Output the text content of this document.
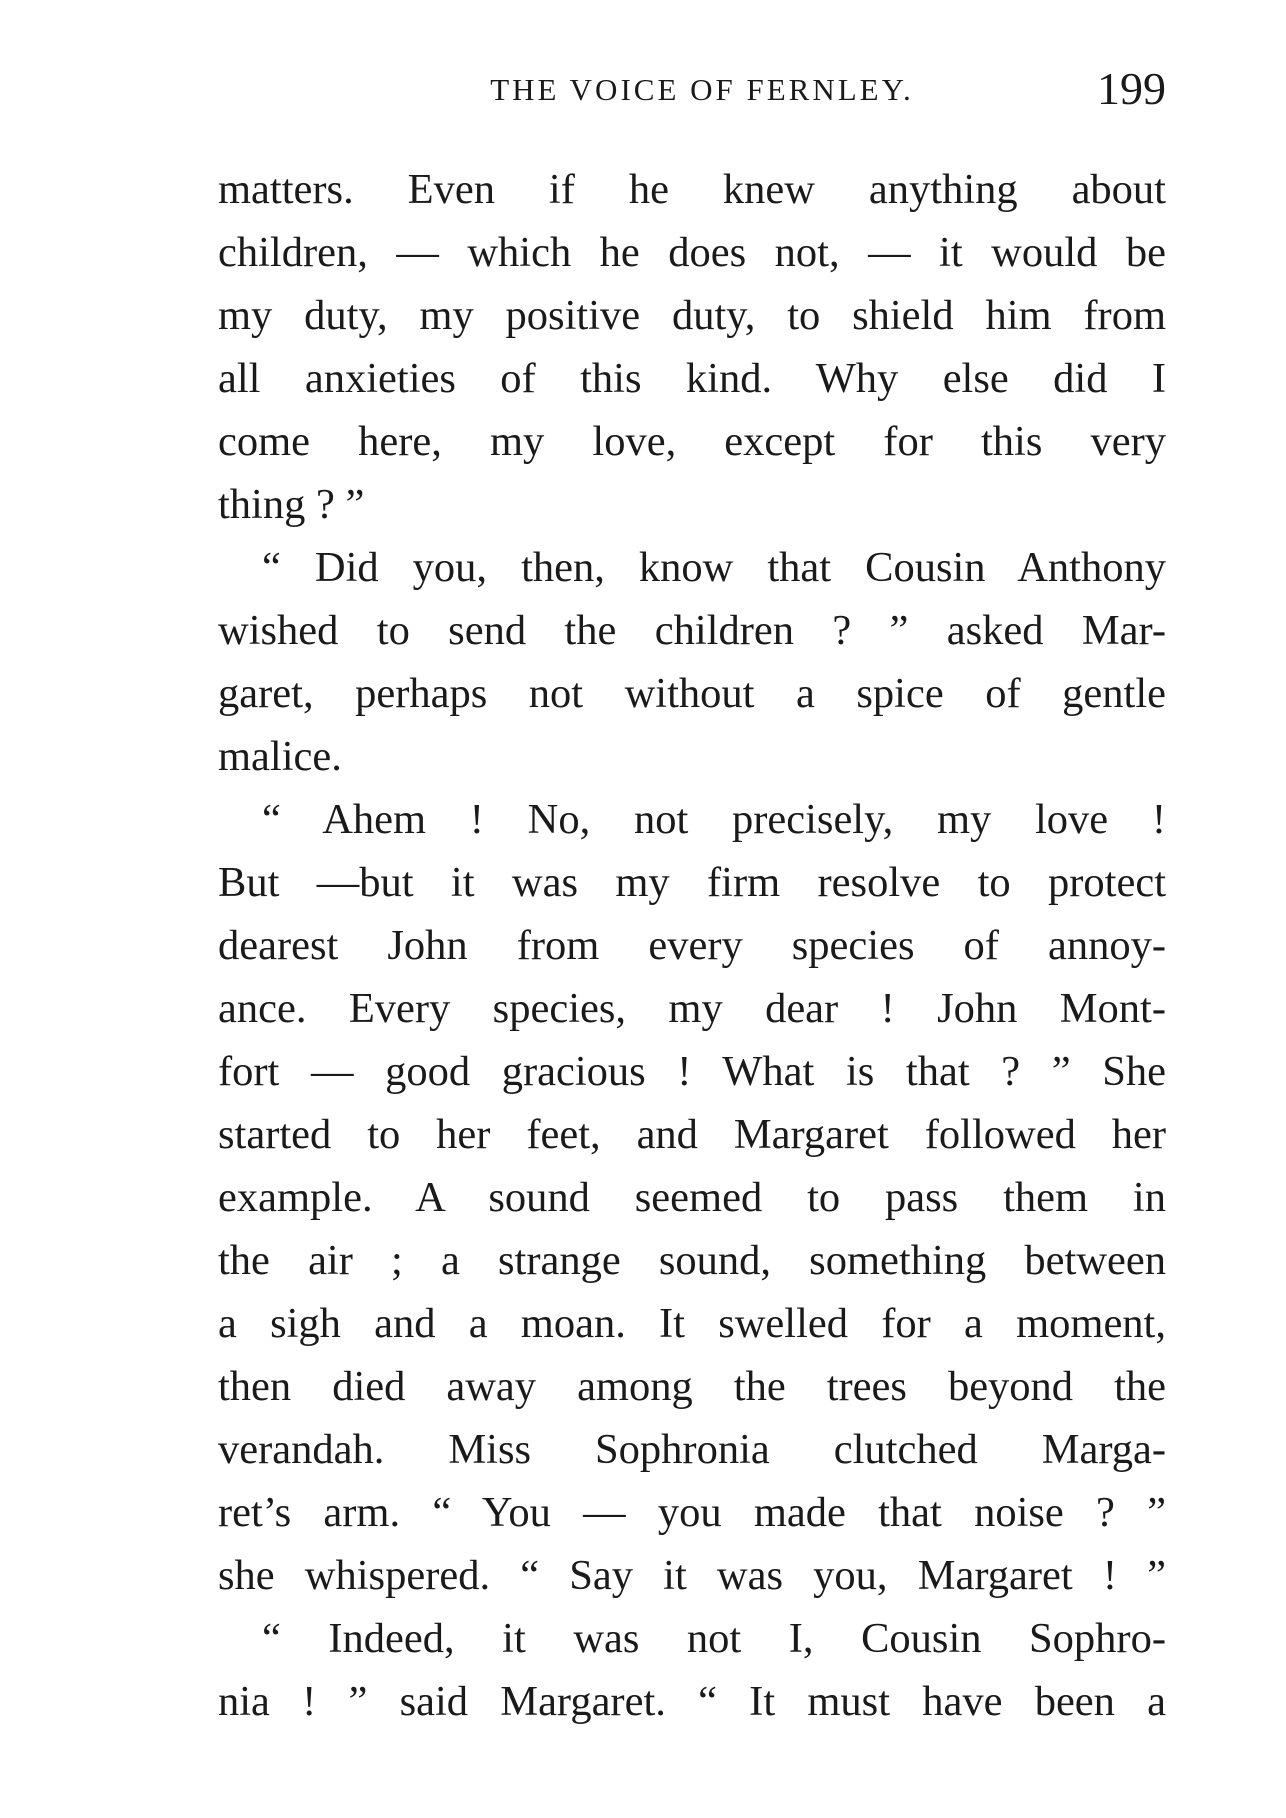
THE VOICE OF FERNLEY.	199
matters. Even if he knew anything about
children, — which he does not, — it would be
my duty, my positive duty, to shield him from
all anxieties of this kind. Why else did I
come here, my love, except for this very
thing ? ”
“ Did you, then, know that Cousin Anthony
wished to send the children ? ” asked Mar-
garet, perhaps not without a spice of gentle
malice.
“ Ahem ! No, not precisely, my love !
But —but it was my firm resolve to protect
dearest John from every species of annoy-
ance. Every species, my dear ! John Mont-
fort — good gracious ! What is that ? ” She
started to her feet, and Margaret followed her
example. A sound seemed to pass them in
the air ; a strange sound, something between
a sigh and a moan. It swelled for a moment,
then died away among the trees beyond the
verandah. Miss Sophronia clutched Marga-
ret’s arm. “ You — you made that noise ? ”
she whispered. “ Say it was you, Margaret ! ”
“ Indeed, it was not I, Cousin Sophro-
nia ! ” said Margaret. “ It must have been a
